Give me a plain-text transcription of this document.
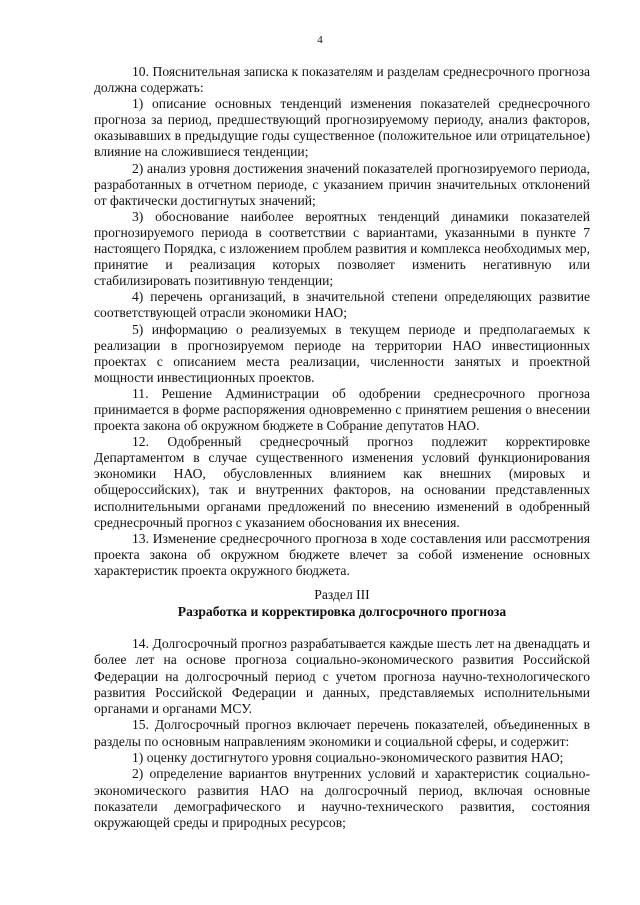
4

10. Пояснительная записка к показателям и разделам среднесрочного прогноза должна содержать:

1) описание основных тенденций изменения показателей среднесрочного прогноза за период, предшествующий прогнозируемому периоду, анализ факторов, оказывавших в предыдущие годы существенное (положительное или отрицательное) влияние на сложившиеся тенденции;

2) анализ уровня достижения значений показателей прогнозируемого периода, разработанных в отчетном периоде, с указанием причин значительных отклонений от фактически достигнутых значений;

3) обоснование наиболее вероятных тенденций динамики показателей прогнозируемого периода в соответствии с вариантами, указанными в пункте 7 настоящего Порядка, с изложением проблем развития и комплекса необходимых мер, принятие и реализация которых позволяет изменить негативную или стабилизировать позитивную тенденции;

4) перечень организаций, в значительной степени определяющих развитие соответствующей отрасли экономики НАО;

5) информацию о реализуемых в текущем периоде и предполагаемых к реализации в прогнозируемом периоде на территории НАО инвестиционных проектах с описанием места реализации, численности занятых и проектной мощности инвестиционных проектов.

11. Решение Администрации об одобрении среднесрочного прогноза принимается в форме распоряжения одновременно с принятием решения о внесении проекта закона об окружном бюджете в Собрание депутатов НАО.

12. Одобренный среднесрочный прогноз подлежит корректировке Департаментом в случае существенного изменения условий функционирования экономики НАО, обусловленных влиянием как внешних (мировых и общероссийских), так и внутренних факторов, на основании представленных исполнительными органами предложений по внесению изменений в одобренный среднесрочный прогноз с указанием обоснования их внесения.

13. Изменение среднесрочного прогноза в ходе составления или рассмотрения проекта закона об окружном бюджете влечет за собой изменение основных характеристик проекта окружного бюджета.

Раздел III
Разработка и корректировка долгосрочного прогноза

14. Долгосрочный прогноз разрабатывается каждые шесть лет на двенадцать и более лет на основе прогноза социально-экономического развития Российской Федерации на долгосрочный период с учетом прогноза научно-технологического развития Российской Федерации и данных, представляемых исполнительными органами и органами МСУ.

15. Долгосрочный прогноз включает перечень показателей, объединенных в разделы по основным направлениям экономики и социальной сферы, и содержит:

1) оценку достигнутого уровня социально-экономического развития НАО;

2) определение вариантов внутренних условий и характеристик социально-экономического развития НАО на долгосрочный период, включая основные показатели демографического и научно-технического развития, состояния окружающей среды и природных ресурсов;
